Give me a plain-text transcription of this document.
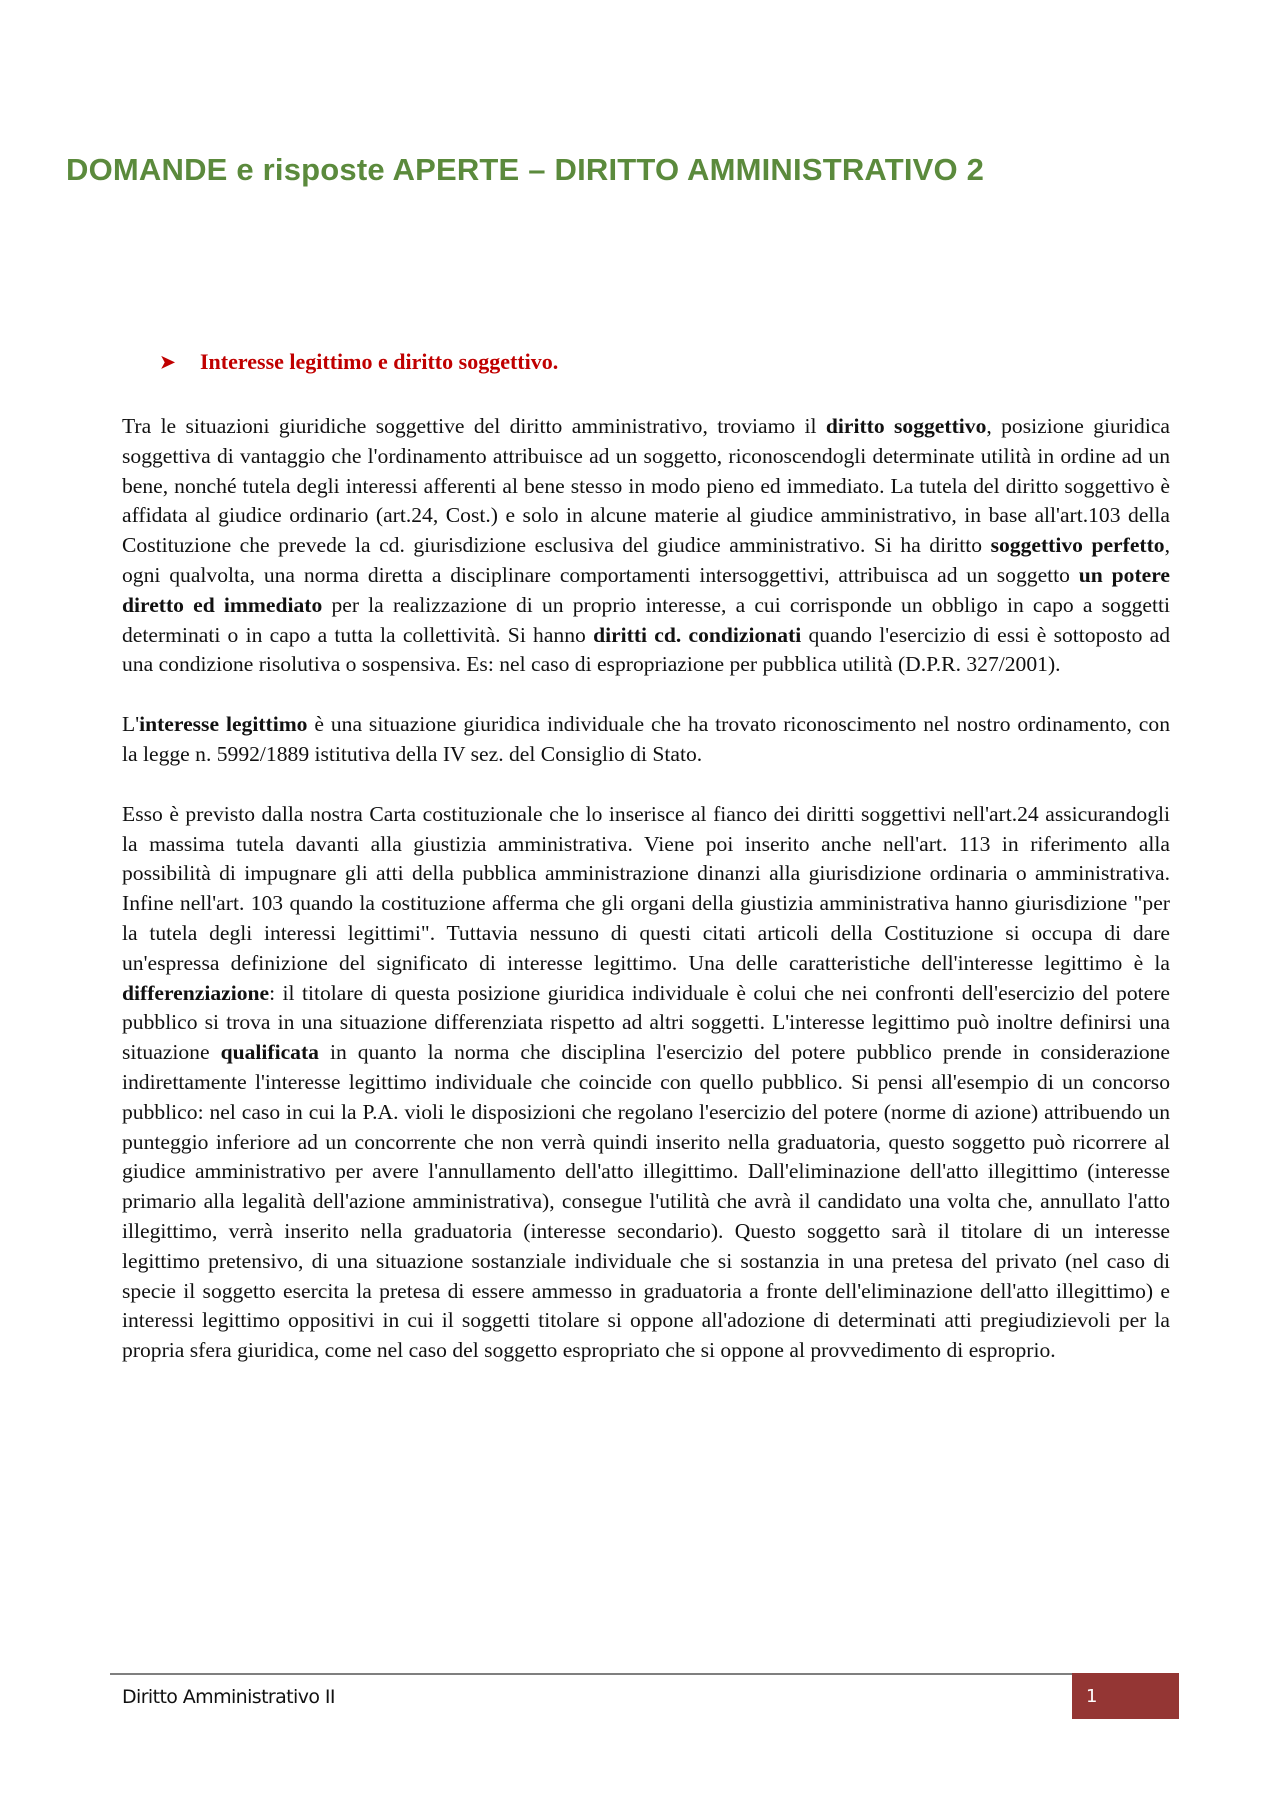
DOMANDE e risposte APERTE – DIRITTO AMMINISTRATIVO 2
➤	Interesse legittimo e diritto soggettivo.

Tra le situazioni giuridiche soggettive del diritto amministrativo, troviamo il diritto soggettivo, posizione giuridica soggettiva di vantaggio che l'ordinamento attribuisce ad un soggetto, riconoscendogli determinate utilità in ordine ad un bene, nonché tutela degli interessi afferenti al bene stesso in modo pieno ed immediato. La tutela del diritto soggettivo è affidata al giudice ordinario (art.24, Cost.) e solo in alcune materie al giudice amministrativo, in base all'art.103 della Costituzione che prevede la cd. giurisdizione esclusiva del giudice amministrativo. Si ha diritto soggettivo perfetto, ogni qualvolta, una norma diretta a disciplinare comportamenti intersoggettivi, attribuisca ad un soggetto un potere diretto ed immediato per la realizzazione di un proprio interesse, a cui corrisponde un obbligo in capo a soggetti determinati o in capo a tutta la collettività. Si hanno diritti cd. condizionati quando l'esercizio di essi è sottoposto ad una condizione risolutiva o sospensiva. Es: nel caso di espropriazione per pubblica utilità (D.P.R. 327/2001).

L'interesse legittimo è una situazione giuridica individuale che ha trovato riconoscimento nel nostro ordinamento, con la legge n. 5992/1889 istitutiva della IV sez. del Consiglio di Stato.

Esso è previsto dalla nostra Carta costituzionale che lo inserisce al fianco dei diritti soggettivi nell'art.24 assicurandogli la massima tutela davanti alla giustizia amministrativa. Viene poi inserito anche nell'art. 113 in riferimento alla possibilità di impugnare gli atti della pubblica amministrazione dinanzi alla giurisdizione ordinaria o amministrativa. Infine nell'art. 103 quando la costituzione afferma che gli organi della giustizia amministrativa hanno giurisdizione "per la tutela degli interessi legittimi". Tuttavia nessuno di questi citati articoli della Costituzione si occupa di dare un'espressa definizione del significato di interesse legittimo. Una delle caratteristiche dell'interesse legittimo è la differenziazione: il titolare di questa posizione giuridica individuale è colui che nei confronti dell'esercizio del potere pubblico si trova in una situazione differenziata rispetto ad altri soggetti. L'interesse legittimo può inoltre definirsi una situazione qualificata in quanto la norma che disciplina l'esercizio del potere pubblico prende in considerazione indirettamente l'interesse legittimo individuale che coincide con quello pubblico. Si pensi all'esempio di un concorso pubblico: nel caso in cui la P.A. violi le disposizioni che regolano l'esercizio del potere (norme di azione) attribuendo un punteggio inferiore ad un concorrente che non verrà quindi inserito nella graduatoria, questo soggetto può ricorrere al giudice amministrativo per avere l'annullamento dell'atto illegittimo. Dall'eliminazione dell'atto illegittimo (interesse primario alla legalità dell'azione amministrativa), consegue l'utilità che avrà il candidato una volta che, annullato l'atto illegittimo, verrà inserito nella graduatoria (interesse secondario). Questo soggetto sarà il titolare di un interesse legittimo pretensivo, di una situazione sostanziale individuale che si sostanzia in una pretesa del privato (nel caso di specie il soggetto esercita la pretesa di essere ammesso in graduatoria a fronte dell'eliminazione dell'atto illegittimo) e interessi legittimo oppositivi in cui il soggetti titolare si oppone all'adozione di determinati atti pregiudizievoli per la propria sfera giuridica, come nel caso del soggetto espropriato che si oppone al provvedimento di esproprio.

Diritto Amministrativo II	1
